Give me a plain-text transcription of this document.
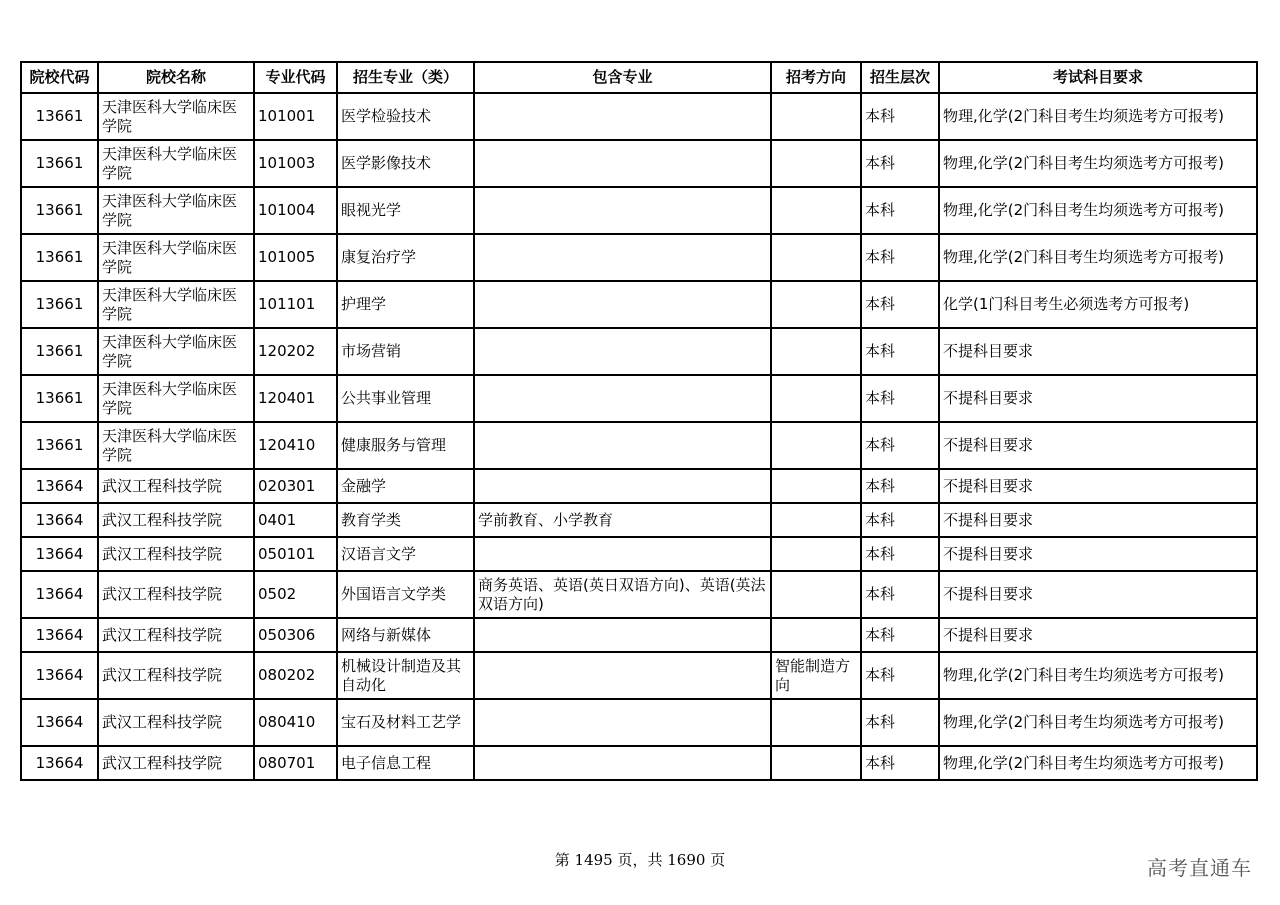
院校代码	院校名称	专业代码	招生专业（类）	包含专业	招考方向	招生层次	考试科目要求
13661	天津医科大学临床医学院	101001	医学检验技术			本科	物理,化学(2门科目考生均须选考方可报考)
13661	天津医科大学临床医学院	101003	医学影像技术			本科	物理,化学(2门科目考生均须选考方可报考)
13661	天津医科大学临床医学院	101004	眼视光学			本科	物理,化学(2门科目考生均须选考方可报考)
13661	天津医科大学临床医学院	101005	康复治疗学			本科	物理,化学(2门科目考生均须选考方可报考)
13661	天津医科大学临床医学院	101101	护理学			本科	化学(1门科目考生必须选考方可报考)
13661	天津医科大学临床医学院	120202	市场营销			本科	不提科目要求
13661	天津医科大学临床医学院	120401	公共事业管理			本科	不提科目要求
13661	天津医科大学临床医学院	120410	健康服务与管理			本科	不提科目要求
13664	武汉工程科技学院	020301	金融学			本科	不提科目要求
13664	武汉工程科技学院	0401	教育学类	学前教育、小学教育		本科	不提科目要求
13664	武汉工程科技学院	050101	汉语言文学			本科	不提科目要求
13664	武汉工程科技学院	0502	外国语言文学类	商务英语、英语(英日双语方向)、英语(英法双语方向)		本科	不提科目要求
13664	武汉工程科技学院	050306	网络与新媒体			本科	不提科目要求
13664	武汉工程科技学院	080202	机械设计制造及其自动化		智能制造方向	本科	物理,化学(2门科目考生均须选考方可报考)
13664	武汉工程科技学院	080410	宝石及材料工艺学			本科	物理,化学(2门科目考生均须选考方可报考)
13664	武汉工程科技学院	080701	电子信息工程			本科	物理,化学(2门科目考生均须选考方可报考)
第 1495 页，共 1690 页	高考直通车
